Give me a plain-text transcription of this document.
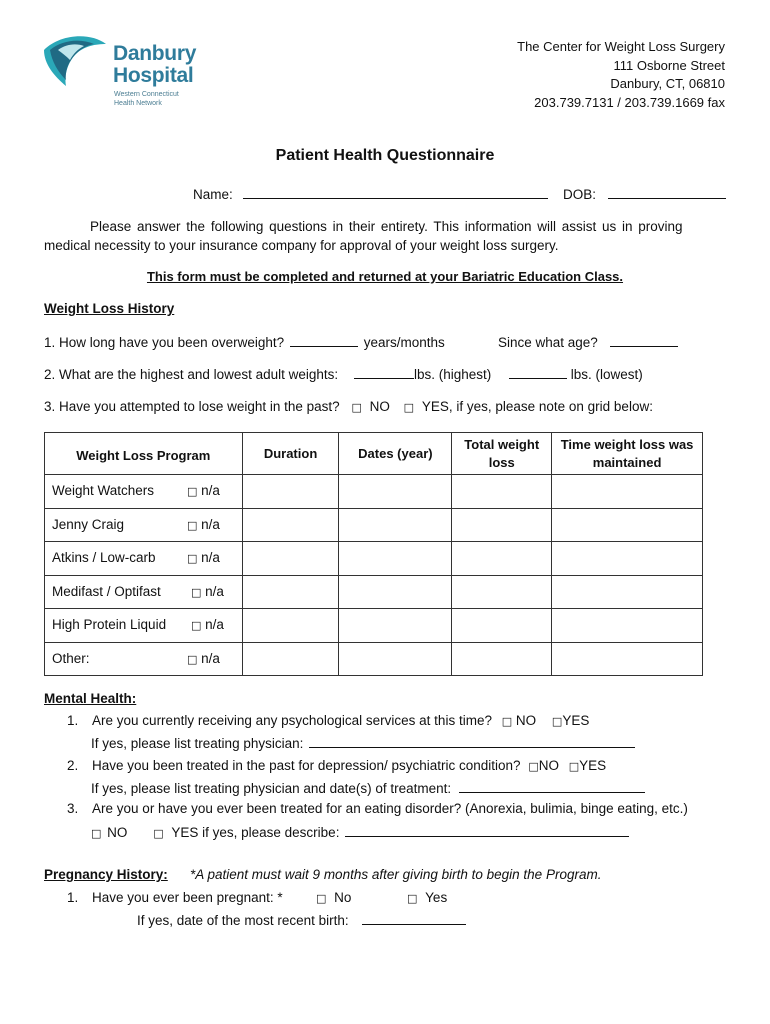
Danbury
Hospital
Western Connecticut
Health Network
The Center for Weight Loss Surgery
111 Osborne Street
Danbury, CT, 06810
203.739.7131 / 203.739.1669 fax
Patient Health Questionnaire
Name:	DOB:
Please answer the following questions in their entirety. This information will assist us in proving
medical necessity to your insurance company for approval of your weight loss surgery.
This form must be completed and returned at your Bariatric Education Class.
Weight Loss History
1. How long have you been overweight?	years/months	Since what age?
2. What are the highest and lowest adult weights:	lbs. (highest)	lbs. (lowest)
3. Have you attempted to lose weight in the past? □ NO □ YES, if yes, please note on grid below:
Weight Loss Program	Duration	Dates (year)	Total weight loss	Time weight loss was maintained

Weight Watchers □ n/a				

Jenny Craig □ n/a				

Atkins / Low-carb □ n/a				

Medifast / Optifast □ n/a				

High Protein Liquid □ n/a				

Other: □ n/a				

Mental Health:
1. Are you currently receiving any psychological services at this time? □ NO □YES
If yes, please list treating physician:
2. Have you been treated in the past for depression/ psychiatric condition? □NO □YES
If yes, please list treating physician and date(s) of treatment:
3. Are you or have you ever been treated for an eating disorder? (Anorexia, bulimia, binge eating, etc.)
□ NO □ YES if yes, please describe:
Pregnancy History: *A patient must wait 9 months after giving birth to begin the Program.
1. Have you ever been pregnant: *	□ No	□ Yes
If yes, date of the most recent birth:
